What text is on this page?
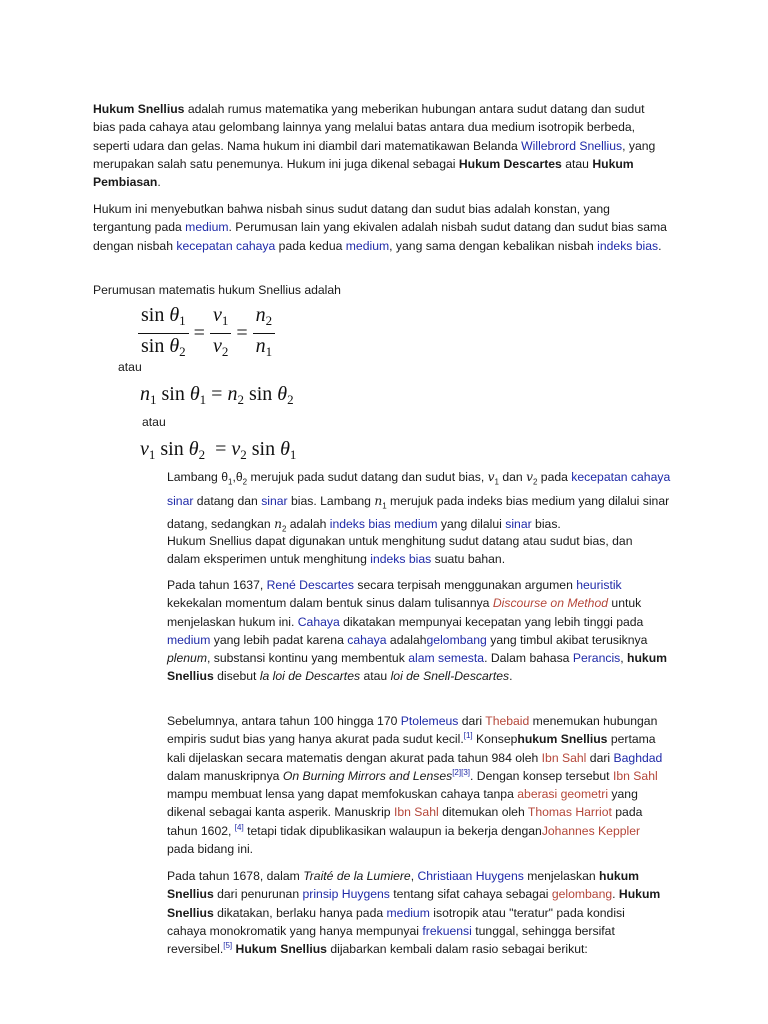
Hukum Snellius adalah rumus matematika yang meberikan hubungan antara sudut datang dan sudut bias pada cahaya atau gelombang lainnya yang melalui batas antara dua medium isotropik berbeda, seperti udara dan gelas. Nama hukum ini diambil dari matematikawan Belanda Willebrord Snellius, yang merupakan salah satu penemunya. Hukum ini juga dikenal sebagai Hukum Descartes atau Hukum Pembiasan.

Hukum ini menyebutkan bahwa nisbah sinus sudut datang dan sudut bias adalah konstan, yang tergantung pada medium. Perumusan lain yang ekivalen adalah nisbah sudut datang dan sudut bias sama dengan nisbah kecepatan cahaya pada kedua medium, yang sama dengan kebalikan nisbah indeks bias.

Perumusan matematis hukum Snellius adalah

$\frac{\sin \theta_1}{\sin \theta_2} = \frac{v_1}{v_2} = \frac{n_2}{n_1}$

atau

$n_1$ $\sin \theta_1 = n_2$ $\sin \theta_2$

atau

$v_1$ $\sin \theta_2 = v_2$ $\sin \theta_1$

Lambang $\theta_1,\theta_2$ merujuk pada sudut datang dan sudut bias, $v_1$ dan $v_2$ pada kecepatan cahaya sinar datang dan sinar bias. Lambang $n_1$ merujuk pada indeks bias medium yang dilalui sinar datang, sedangkan $n_2$ adalah indeks bias medium yang dilalui sinar bias.

Hukum Snellius dapat digunakan untuk menghitung sudut datang atau sudut bias, dan dalam eksperimen untuk menghitung indeks bias suatu bahan.

Pada tahun 1637, René Descartes secara terpisah menggunakan argumen heuristik kekekalan momentum dalam bentuk sinus dalam tulisannya Discourse on Method untuk menjelaskan hukum ini. Cahaya dikatakan mempunyai kecepatan yang lebih tinggi pada medium yang lebih padat karena cahaya adalahgelombang yang timbul akibat terusiknya plenum, substansi kontinu yang membentuk alam semesta. Dalam bahasa Perancis, hukum Snellius disebut la loi de Descartes atau loi de Snell-Descartes.

Sebelumnya, antara tahun 100 hingga 170 Ptolemeus dari Thebaid menemukan hubungan empiris sudut bias yang hanya akurat pada sudut kecil.[1] Konsephukum Snellius pertama kali dijelaskan secara matematis dengan akurat pada tahun 984 oleh Ibn Sahl dari Baghdad dalam manuskripnya On Burning Mirrors and Lenses[2][3]. Dengan konsep tersebut Ibn Sahl mampu membuat lensa yang dapat memfokuskan cahaya tanpa aberasi geometri yang dikenal sebagai kanta asperik. Manuskrip Ibn Sahl ditemukan oleh Thomas Harriot pada tahun 1602, [4] tetapi tidak dipublikasikan walaupun ia bekerja denganJohannes Keppler pada bidang ini.

Pada tahun 1678, dalam Traité de la Lumiere, Christiaan Huygens menjelaskan hukum Snellius dari penurunan prinsip Huygens tentang sifat cahaya sebagai gelombang. Hukum Snellius dikatakan, berlaku hanya pada medium isotropik atau "teratur" pada kondisi cahaya monokromatik yang hanya mempunyai frekuensi tunggal, sehingga bersifat reversibel.[5] Hukum Snellius dijabarkan kembali dalam rasio sebagai berikut:
